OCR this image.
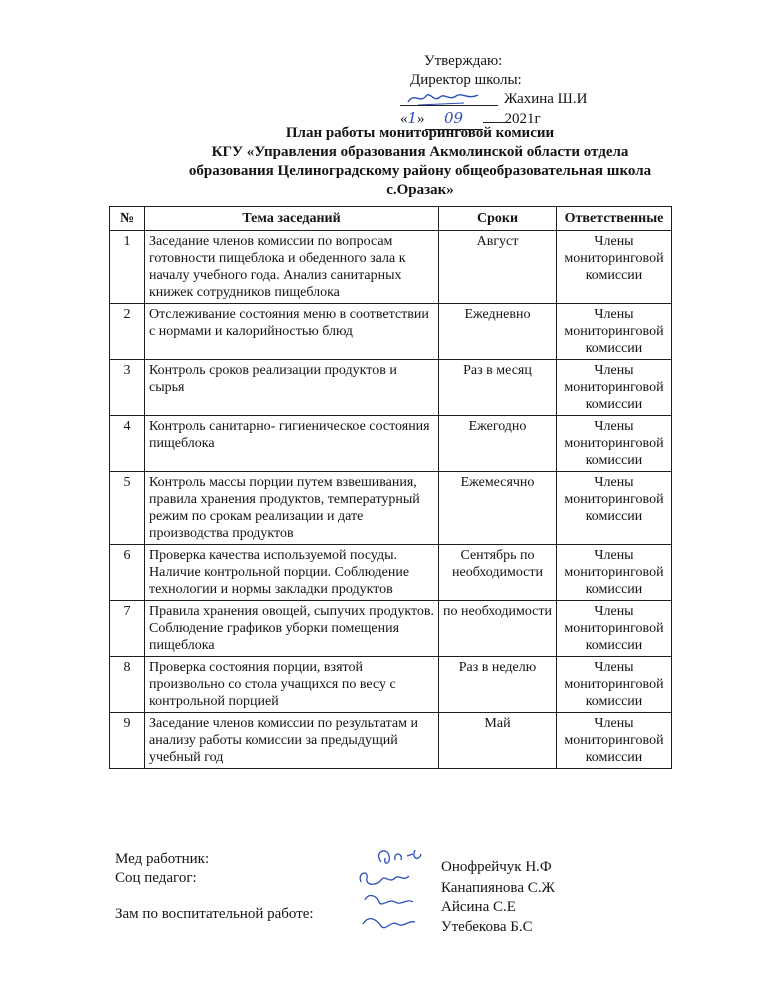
Утверждаю:
Директор школы:
Жахина Ш.И
«1» 09	2021г
План работы мониторинговой комисии
КГУ «Управления образования Акмолинской области отдела
образования Целиноградскому району общеобразовательная школа
с.Оразак»
№	Тема заседаний	Сроки	Ответственные
1	Заседание членов комиссии по вопросам готовности пищеблока и обеденного зала к началу учебного года. Анализ санитарных книжек сотрудников пищеблока	Август	Члены мониторинговой комиссии
2	Отслеживание состояния меню в соответствии с нормами и калорийностью блюд	Ежедневно	Члены мониторинговой комиссии
3	Контроль сроков реализации продуктов и сырья	Раз в месяц	Члены мониторинговой комиссии
4	Контроль санитарно- гигиеническое состояния пищеблока	Ежегодно	Члены мониторинговой комиссии
5	Контроль массы порции путем взвешивания, правила хранения продуктов, температурный режим по срокам реализации и дате производства продуктов	Ежемесячно	Члены мониторинговой комиссии
6	Проверка качества используемой посуды. Наличие контрольной порции. Соблюдение технологии и нормы закладки продуктов	Сентябрь по необходимости	Члены мониторинговой комиссии
7	Правила хранения овощей, сыпучих продуктов. Соблюдение графиков уборки помещения пищеблока	по необходимости	Члены мониторинговой комиссии
8	Проверка состояния порции, взятой произвольно со стола учащихся по весу с контрольной порцией	Раз в неделю	Члены мониторинговой комиссии
9	Заседание членов комиссии по результатам и анализу работы комиссии за предыдущий учебный год	Май	Члены мониторинговой комиссии
Мед работник:
Соц педагог:
Зам по воспитательной работе:
Онофрейчук Н.Ф
Канапиянова С.Ж
Айсина С.Е
Утебекова Б.С
